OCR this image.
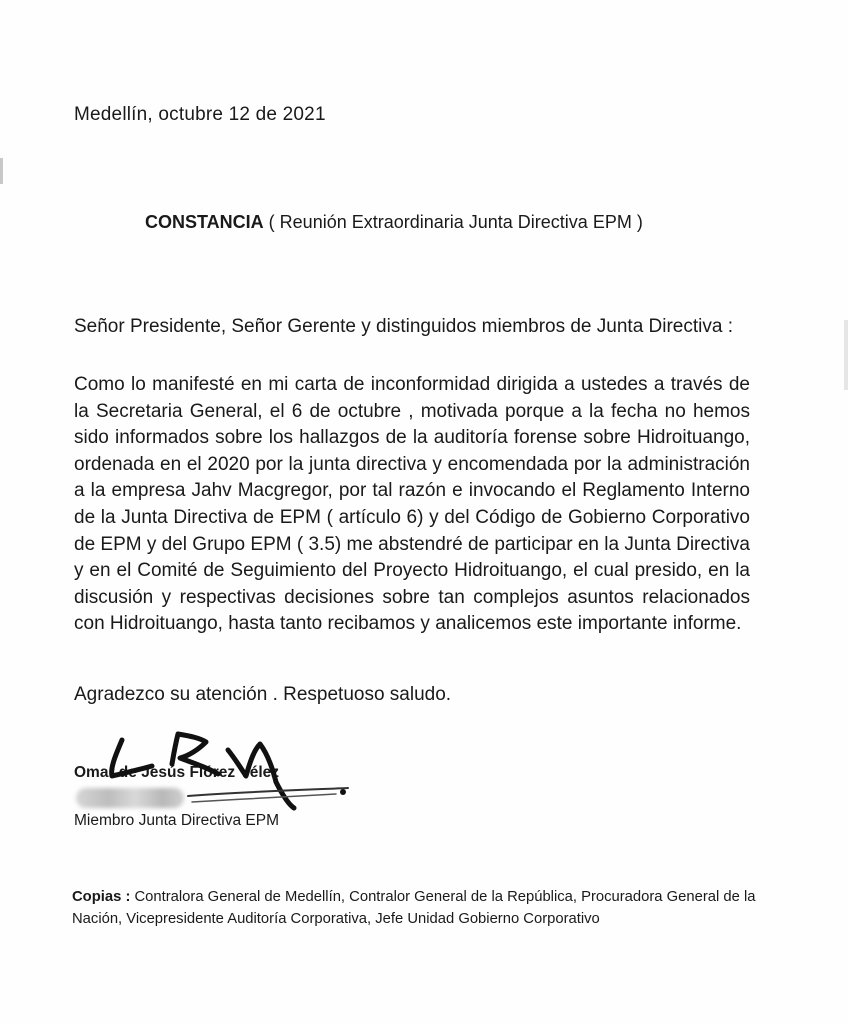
Medellín, octubre 12 de 2021
CONSTANCIA ( Reunión Extraordinaria Junta Directiva EPM )
Señor Presidente, Señor Gerente y distinguidos miembros de Junta Directiva :
Como lo manifesté en mi carta de inconformidad dirigida a ustedes a través de la Secretaria General, el 6 de octubre , motivada porque a la fecha no hemos sido informados sobre los hallazgos de la auditoría forense sobre Hidroituango, ordenada en el 2020 por la junta directiva y encomendada por la administración a la empresa Jahv Macgregor, por tal razón e invocando el Reglamento Interno de la Junta Directiva de EPM ( artículo 6) y del Código de Gobierno Corporativo de EPM y del Grupo EPM ( 3.5) me abstendré de participar en la Junta Directiva y en el Comité de Seguimiento del Proyecto Hidroituango, el cual presido, en la discusión y respectivas decisiones sobre tan complejos asuntos relacionados con Hidroituango, hasta tanto recibamos y analicemos este importante informe.
Agradezco su atención . Respetuoso saludo.
Omar de Jesús Flórez Vélez
Miembro Junta Directiva EPM
Copias : Contralora General de Medellín, Contralor General de la República, Procuradora General de la Nación, Vicepresidente Auditoría Corporativa, Jefe Unidad Gobierno Corporativo
